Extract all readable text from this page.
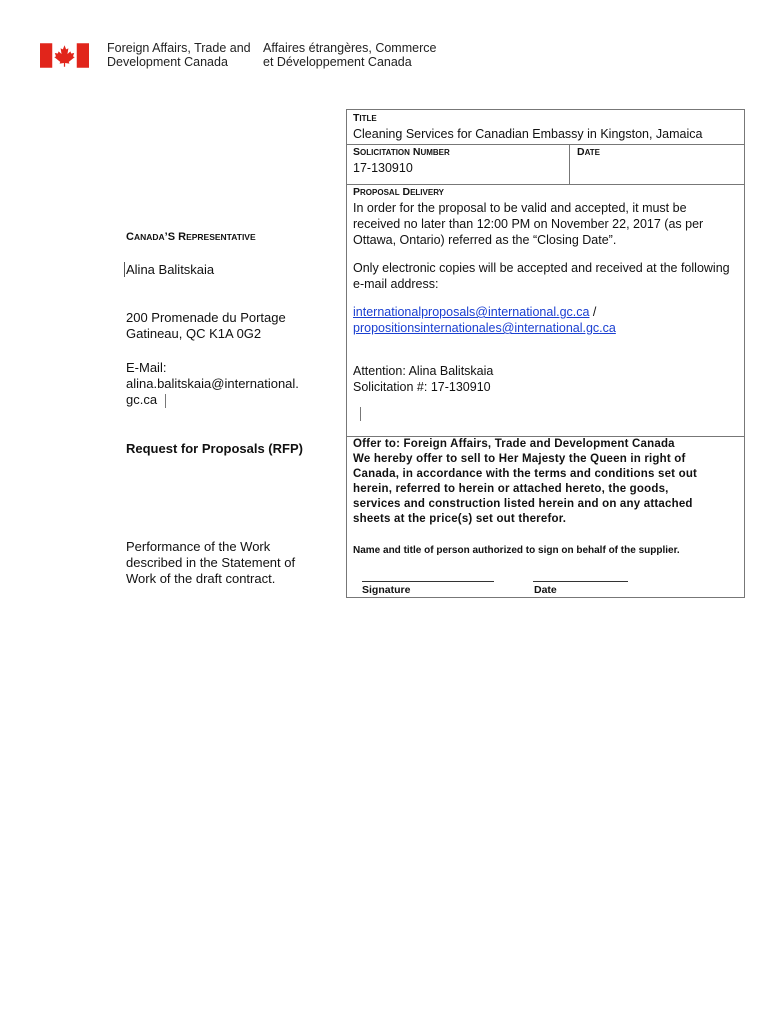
Foreign Affairs, Trade and
Development Canada
Affaires étrangères, Commerce
et Développement Canada
CANADA’S REPRESENTATIVE
Alina Balitskaia
200 Promenade du Portage
Gatineau, QC K1A 0G2
E-Mail:
alina.balitskaia@international.
gc.ca
Request for Proposals (RFP)
Performance of the Work
described in the Statement of
Work of the draft contract.
TITLE
Cleaning Services for Canadian Embassy in Kingston, Jamaica
SOLICITATION NUMBER
17-130910
DATE
PROPOSAL DELIVERY
In order for the proposal to be valid and accepted, it must be
received no later than 12:00 PM on November 22, 2017 (as per
Ottawa, Ontario) referred as the “Closing Date”.
Only electronic copies will be accepted and received at the following
e-mail address:
internationalproposals@international.gc.ca /
propositionsinternationales@international.gc.ca
Attention: Alina Balitskaia
Solicitation #: 17-130910
Offer to: Foreign Affairs, Trade and Development Canada
We hereby offer to sell to Her Majesty the Queen in right of
Canada, in accordance with the terms and conditions set out
herein, referred to herein or attached hereto, the goods,
services and construction listed herein and on any attached
sheets at the price(s) set out therefor.
Name and title of person authorized to sign on behalf of the supplier.
Signature	Date
